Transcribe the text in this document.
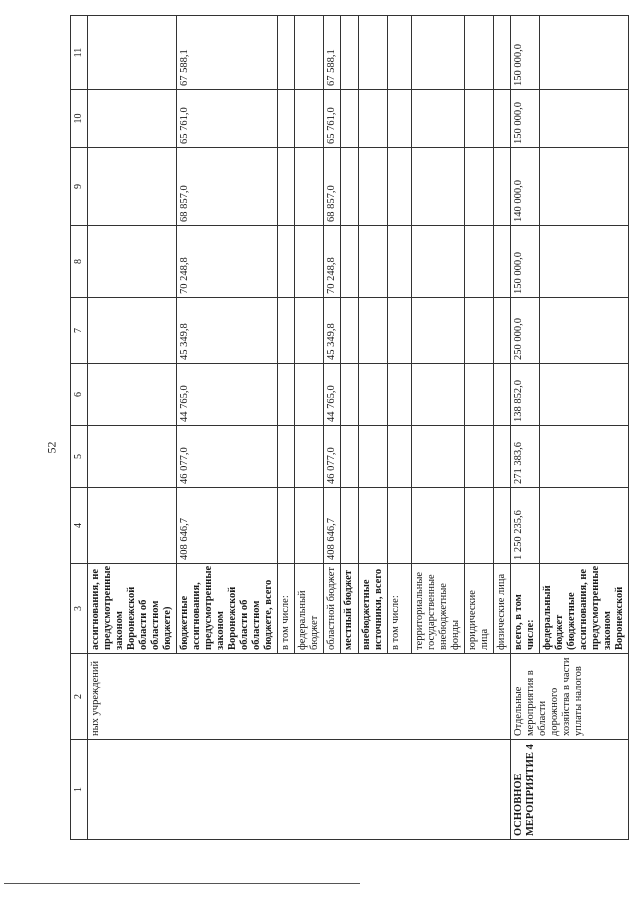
52
1	2	3	4	5	6	7	8	9	10	11
	ных учреждений	ассигнования, не предусмотренные законом Воронежской области об областном бюджете)								
		бюджетные ассигнования, предусмотренные законом Воронежской области об областном бюджете, всего	408 646,7	46 077,0	44 765,0	45 349,8	70 248,8	68 857,0	65 761,0	67 588,1
		в том числе:								
		федеральный бюджет								
		областной бюджет	408 646,7	46 077,0	44 765,0	45 349,8	70 248,8	68 857,0	65 761,0	67 588,1
		местный бюджет								
		внебюджетные источники, всего								
		в том числе:								
		территориальные государственные внебюджетные фонды								
		юридические лица								
		физические лица								
ОСНОВНОЕ МЕРОПРИЯТИЕ 4	Отдельные мероприятия в области дорожного хозяйства в части уплаты налогов	всего, в том числе:	1 250 235,6	271 383,6	138 852,0	250 000,0	150 000,0	140 000,0	150 000,0	150 000,0
		федеральный бюджет (бюджетные ассигнования, не предусмотренные законом Воронежской								
